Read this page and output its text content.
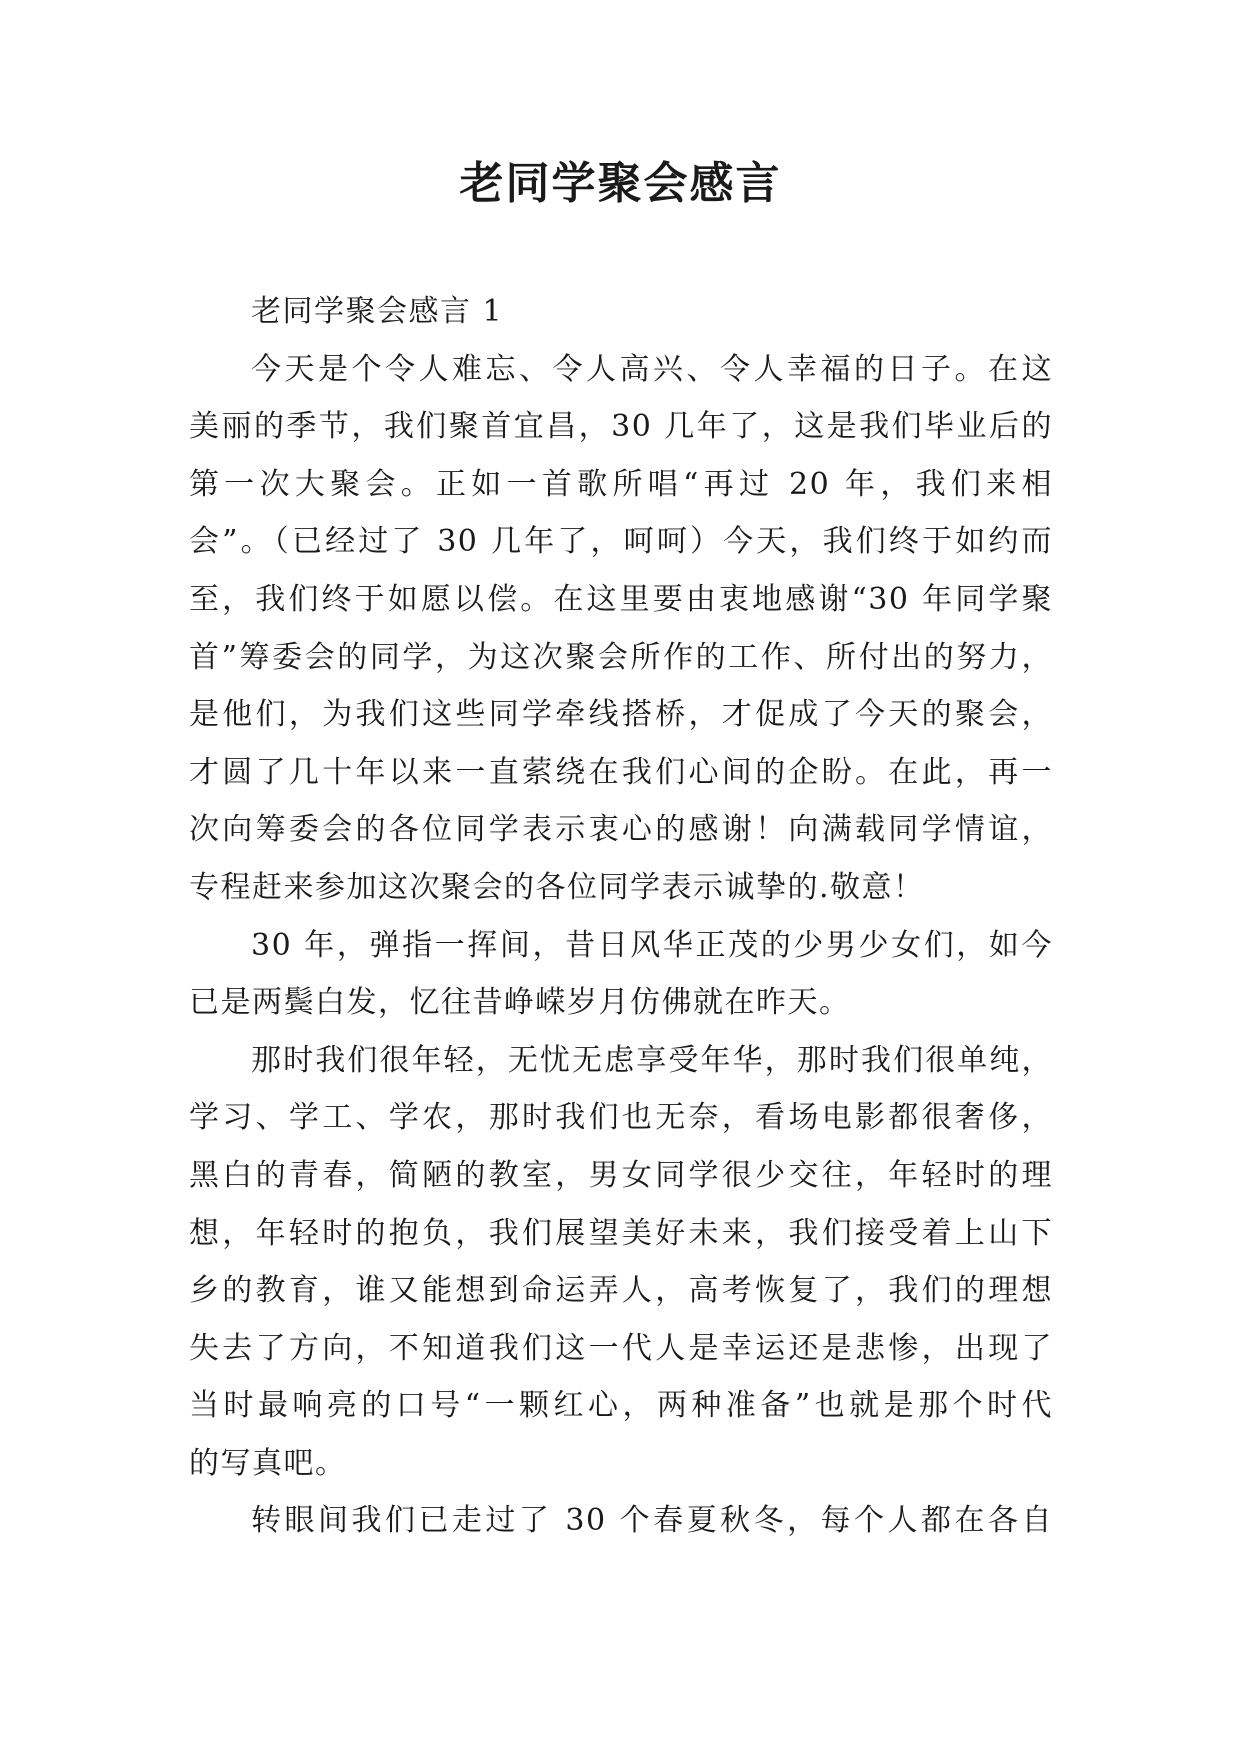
老同学聚会感言
老同学聚会感言 1
今天是个令人难忘、令人高兴、令人幸福的日子。在这
美丽的季节，我们聚首宜昌，30 几年了，这是我们毕业后的
第一次大聚会。正如一首歌所唱“再过 20 年，我们来相
会”。（已经过了 30 几年了，呵呵）今天，我们终于如约而
至，我们终于如愿以偿。在这里要由衷地感谢“30 年同学聚
首”筹委会的同学，为这次聚会所作的工作、所付出的努力，
是他们，为我们这些同学牵线搭桥，才促成了今天的聚会，
才圆了几十年以来一直萦绕在我们心间的企盼。在此，再一
次向筹委会的各位同学表示衷心的感谢！向满载同学情谊，
专程赶来参加这次聚会的各位同学表示诚挚的.敬意！
30 年，弹指一挥间，昔日风华正茂的少男少女们，如今
已是两鬓白发，忆往昔峥嵘岁月仿佛就在昨天。
那时我们很年轻，无忧无虑享受年华，那时我们很单纯，
学习、学工、学农，那时我们也无奈，看场电影都很奢侈，
黑白的青春，简陋的教室，男女同学很少交往，年轻时的理
想，年轻时的抱负，我们展望美好未来，我们接受着上山下
乡的教育，谁又能想到命运弄人，高考恢复了，我们的理想
失去了方向，不知道我们这一代人是幸运还是悲惨，出现了
当时最响亮的口号“一颗红心，两种准备”也就是那个时代
的写真吧。
转眼间我们已走过了 30 个春夏秋冬，每个人都在各自
